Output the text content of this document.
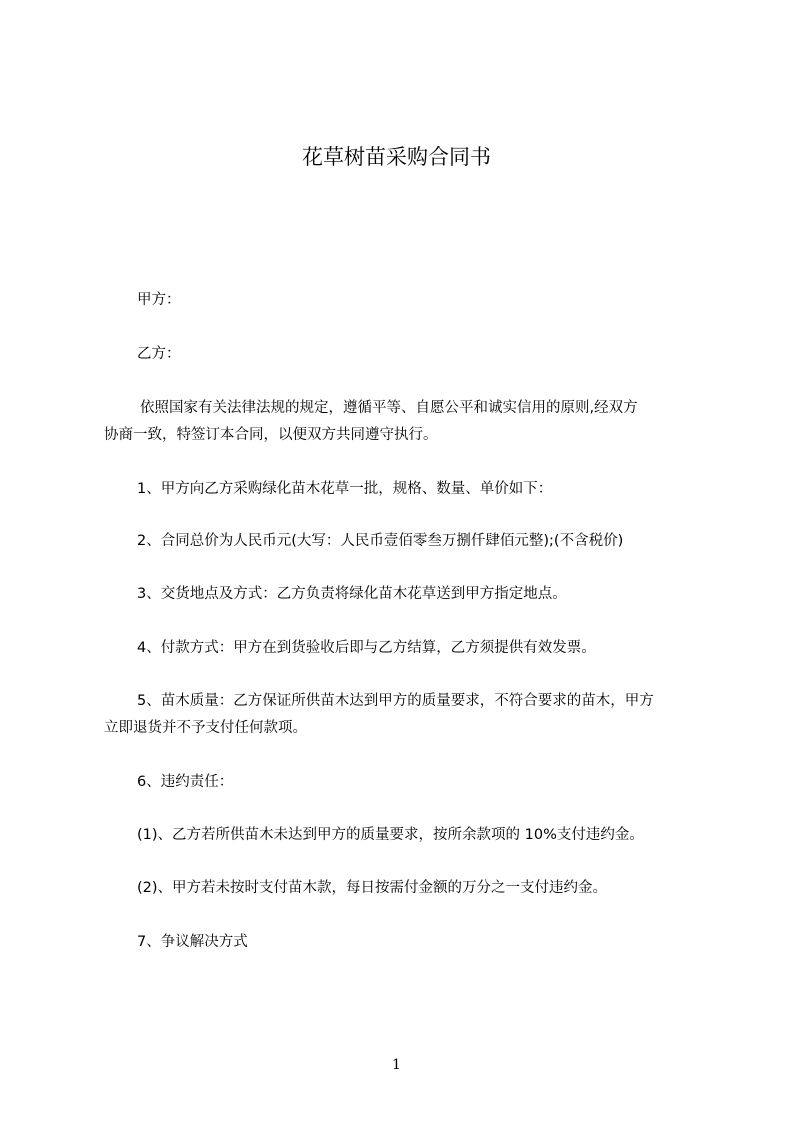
花草树苗采购合同书
甲方：
乙方：
依照国家有关法律法规的规定，遵循平等、自愿公平和诚实信用的原则,经双方
协商一致，特签订本合同，以便双方共同遵守执行。
1、甲方向乙方采购绿化苗木花草一批，规格、数量、单价如下：
2、合同总价为人民币元(大写：人民币壹佰零叁万捌仟肆佰元整);(不含税价)
3、交货地点及方式：乙方负责将绿化苗木花草送到甲方指定地点。
4、付款方式：甲方在到货验收后即与乙方结算，乙方须提供有效发票。
5、苗木质量：乙方保证所供苗木达到甲方的质量要求，不符合要求的苗木，甲方
立即退货并不予支付任何款项。
6、违约责任：
(1)、乙方若所供苗木未达到甲方的质量要求，按所余款项的 10%支付违约金。
(2)、甲方若未按时支付苗木款，每日按需付金额的万分之一支付违约金。
7、争议解决方式
1
